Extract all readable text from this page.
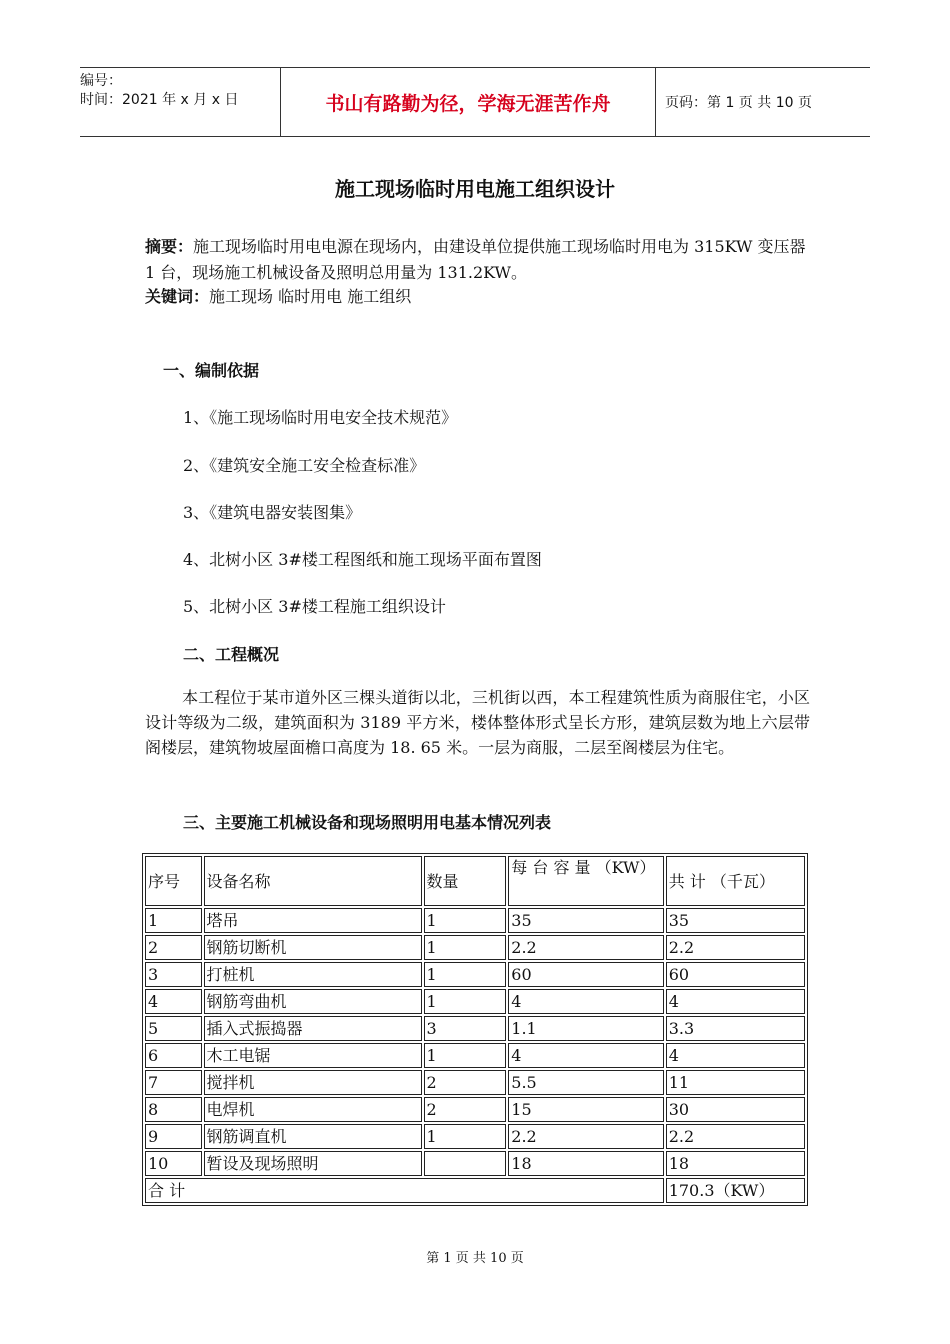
编号：
时间：2021 年 x 月 x 日	书山有路勤为径，学海无涯苦作舟	页码：第 1 页 共 10 页
施工现场临时用电施工组织设计
摘要：施工现场临时用电电源在现场内，由建设单位提供施工现场临时用电为 315KW 变压器 1 台，现场施工机械设备及照明总用量为 131.2KW。
关键词：施工现场 临时用电 施工组织
一、编制依据
1、《施工现场临时用电安全技术规范》
2、《建筑安全施工安全检查标准》
3、《建筑电器安装图集》
4、北树小区 3#楼工程图纸和施工现场平面布置图
5、北树小区 3#楼工程施工组织设计
二、工程概况
本工程位于某市道外区三棵头道街以北，三机街以西，本工程建筑性质为商服住宅，小区设计等级为二级，建筑面积为 3189 平方米，楼体整体形式呈长方形，建筑层数为地上六层带阁楼层，建筑物坡屋面檐口高度为 18. 65 米。一层为商服，二层至阁楼层为住宅。
三、主要施工机械设备和现场照明用电基本情况列表
序号	设备名称	数量	每 台 容 量 （KW）	共 计 （千瓦）
1	塔吊	1	35	35
2	钢筋切断机	1	2.2	2.2
3	打桩机	1	60	60
4	钢筋弯曲机	1	4	4
5	插入式振捣器	3	1.1	3.3
6	木工电锯	1	4	4
7	搅拌机	2	5.5	11
8	电焊机	2	15	30
9	钢筋调直机	1	2.2	2.2
10	暂设及现场照明		18	18
合 计				170.3（KW）
第 1 页 共 10 页
